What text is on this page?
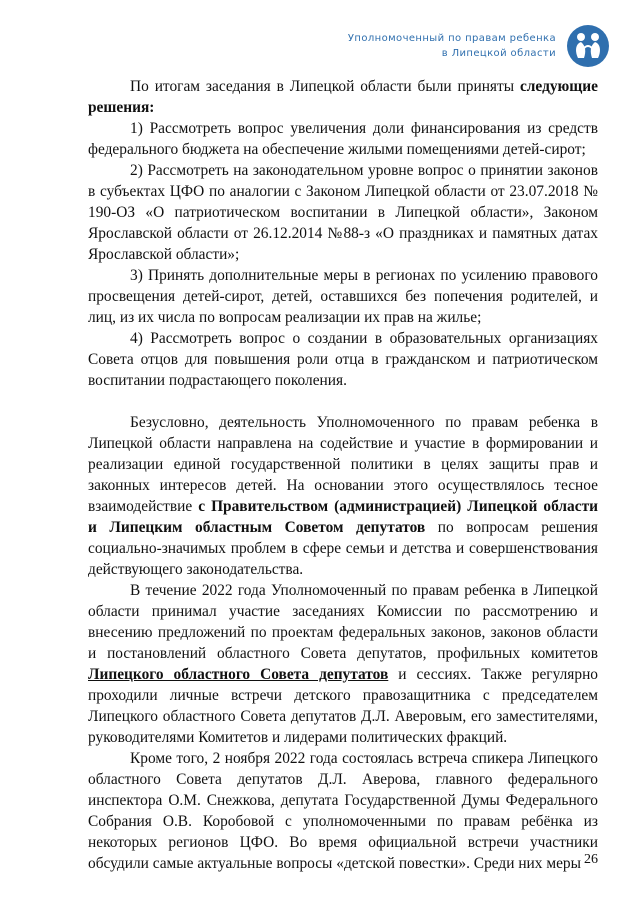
Уполномоченный по правам ребенка
в Липецкой области

По итогам заседания в Липецкой области были приняты следующие решения:

1) Рассмотреть вопрос увеличения доли финансирования из средств федерального бюджета на обеспечение жилыми помещениями детей-сирот;

2) Рассмотреть на законодательном уровне вопрос о принятии законов в субъектах ЦФО по аналогии с Законом Липецкой области от 23.07.2018 № 190-ОЗ «О патриотическом воспитании в Липецкой области», Законом Ярославской области от 26.12.2014 №88-з «О праздниках и памятных датах Ярославской области»;

3) Принять дополнительные меры в регионах по усилению правового просвещения детей-сирот, детей, оставшихся без попечения родителей, и лиц, из их числа по вопросам реализации их прав на жилье;

4) Рассмотреть вопрос о создании в образовательных организациях Совета отцов для повышения роли отца в гражданском и патриотическом воспитании подрастающего поколения.

Безусловно, деятельность Уполномоченного по правам ребенка в Липецкой области направлена на содействие и участие в формировании и реализации единой государственной политики в целях защиты прав и законных интересов детей. На основании этого осуществлялось тесное взаимодействие с Правительством (администрацией) Липецкой области и Липецким областным Советом депутатов по вопросам решения социально-значимых проблем в сфере семьи и детства и совершенствования действующего законодательства.

В течение 2022 года Уполномоченный по правам ребенка в Липецкой области принимал участие заседаниях Комиссии по рассмотрению и внесению предложений по проектам федеральных законов, законов области и постановлений областного Совета депутатов, профильных комитетов Липецкого областного Совета депутатов и сессиях. Также регулярно проходили личные встречи детского правозащитника с председателем Липецкого областного Совета депутатов Д.Л. Аверовым, его заместителями, руководителями Комитетов и лидерами политических фракций.

Кроме того, 2 ноября 2022 года состоялась встреча спикера Липецкого областного Совета депутатов Д.Л. Аверова, главного федерального инспектора О.М. Снежкова, депутата Государственной Думы Федерального Собрания О.В. Коробовой с уполномоченными по правам ребёнка из некоторых регионов ЦФО. Во время официальной встречи участники обсудили самые актуальные вопросы «детской повестки». Среди них меры 26
